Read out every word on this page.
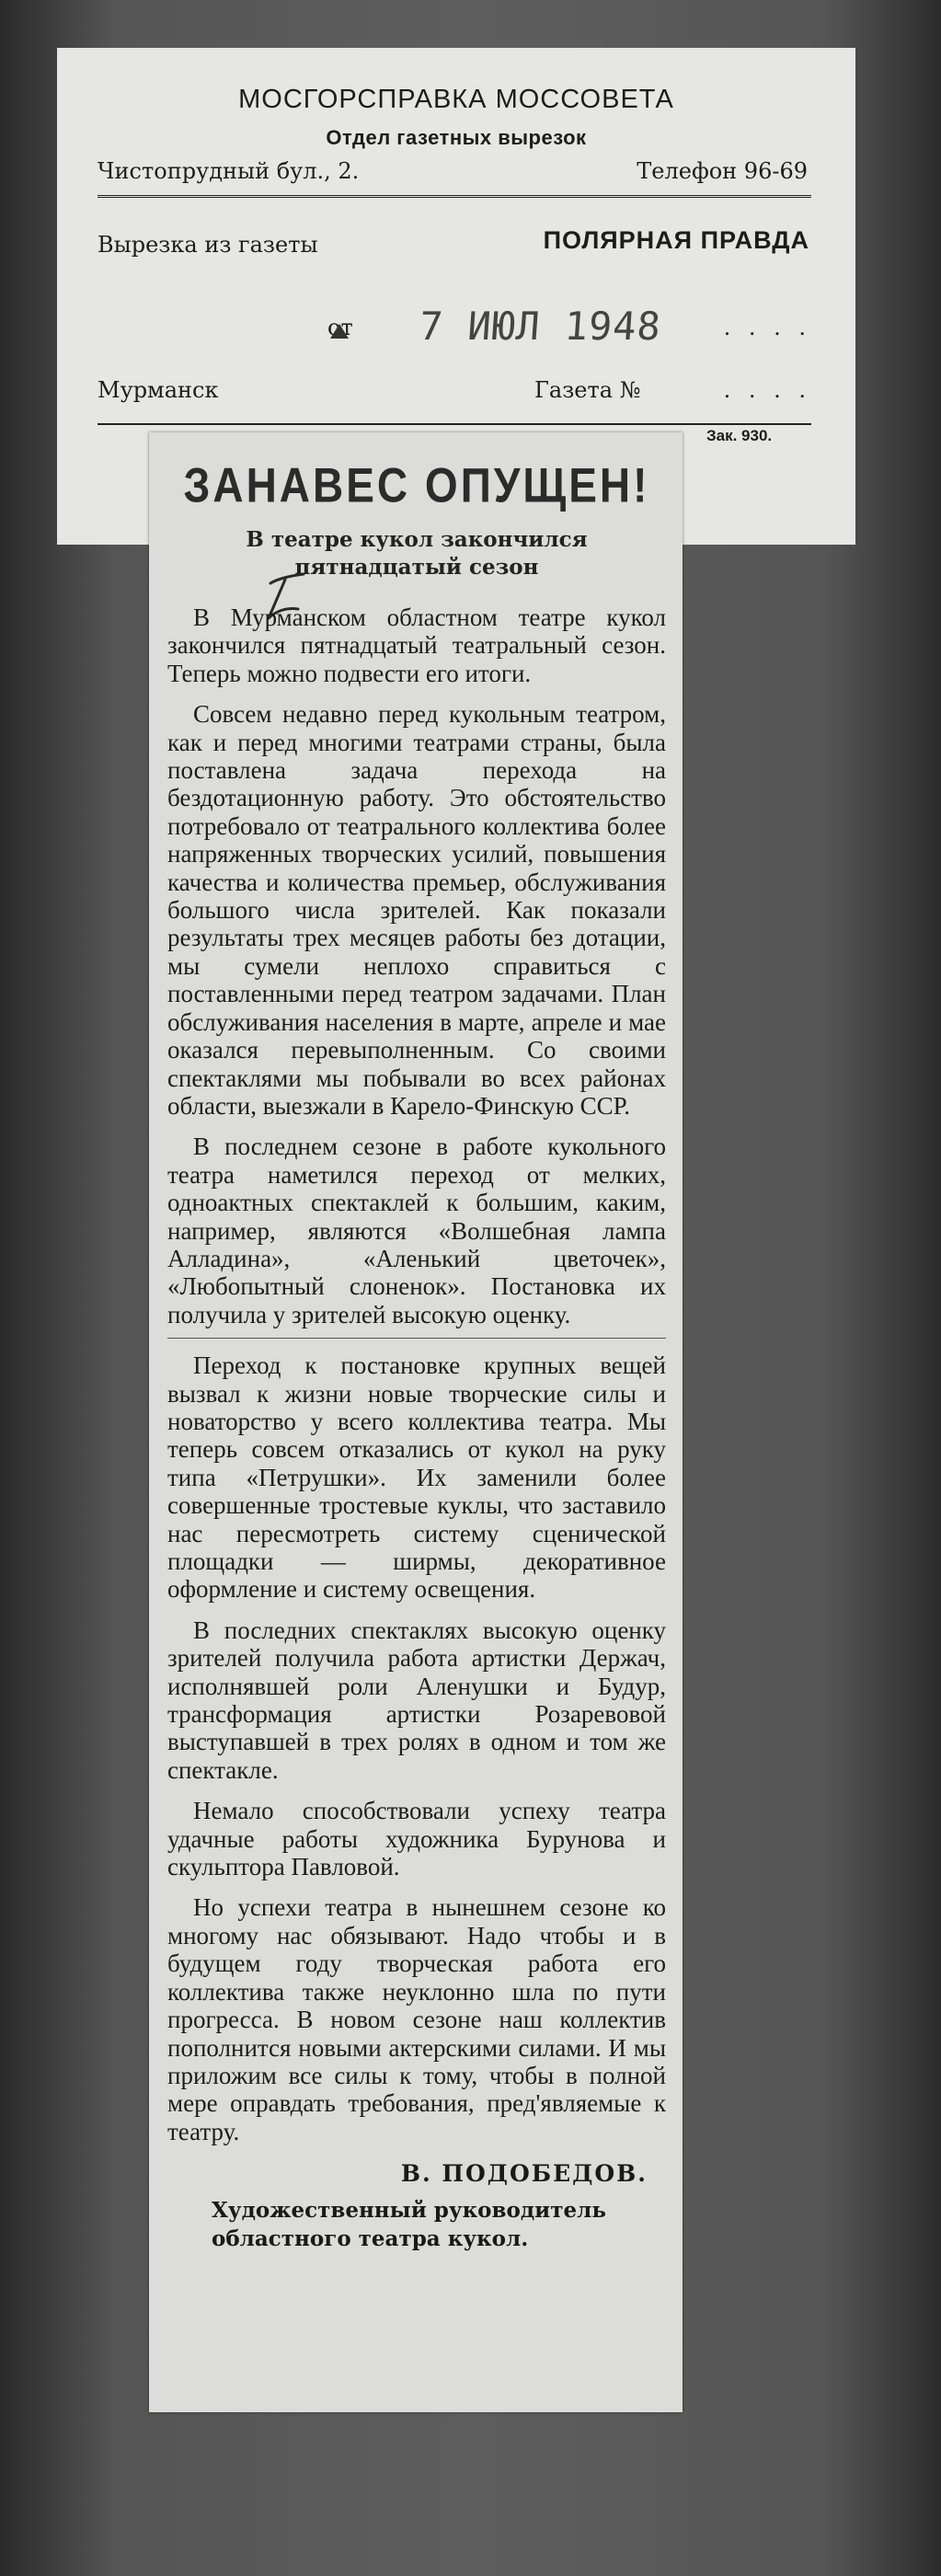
МОСГОРСПРАВКА МОССОВЕТА
Отдел газетных вырезок
Чистопрудный бул., 2.	Телефон 96-69
Вырезка из газеты	ПОЛЯРНАЯ ПРАВДА
от 7 ИЮЛ 1948	. . . .
Мурманск	Газета №	. . . .
Зак. 930.
ЗАНАВЕС ОПУЩЕН!
В театре кукол закончился
пятнадцатый сезон

В Мурманском областном театре кукол закончился пятнадцатый театральный сезон. Теперь можно подвести его итоги.

Совсем недавно перед кукольным театром, как и перед многими театрами страны, была поставлена задача перехода на бездотационную работу. Это обстоятельство потребовало от театрального коллектива более напряженных творческих усилий, повышения качества и количества премьер, обслуживания большого числа зрителей. Как показали результаты трех месяцев работы без дотации, мы сумели неплохо справиться с поставленными перед театром задачами. План обслуживания населения в марте, апреле и мае оказался перевыполненным. Со своими спектаклями мы побывали во всех районах области, выезжали в Карело-Финскую ССР.

В последнем сезоне в работе кукольного театра наметился переход от мелких, одноактных спектаклей к большим, каким, например, являются «Волшебная лампа Алладина», «Аленький цветочек», «Любопытный слоненок». Постановка их получила у зрителей высокую оценку.

Переход к постановке крупных вещей вызвал к жизни новые творческие силы и новаторство у всего коллектива театра. Мы теперь совсем отказались от кукол на руку типа «Петрушки». Их заменили более совершенные тростевые куклы, что заставило нас пересмотреть систему сценической площадки — ширмы, декоративное оформление и систему освещения.

В последних спектаклях высокую оценку зрителей получила работа артистки Держач, исполнявшей роли Аленушки и Будур, трансформация артистки Розаревовой выступавшей в трех ролях в одном и том же спектакле.

Немало способствовали успеху театра удачные работы художника Бурунова и скульптора Павловой.

Но успехи театра в нынешнем сезоне ко многому нас обязывают. Надо чтобы и в будущем году творческая работа его коллектива также неуклонно шла по пути прогресса. В новом сезоне наш коллектив пополнится новыми актерскими силами. И мы приложим все силы к тому, чтобы в полной мере оправдать требования, пред'являемые к театру.

В. ПОДОБЕДОВ.
Художественный руководитель
областного театра кукол.
